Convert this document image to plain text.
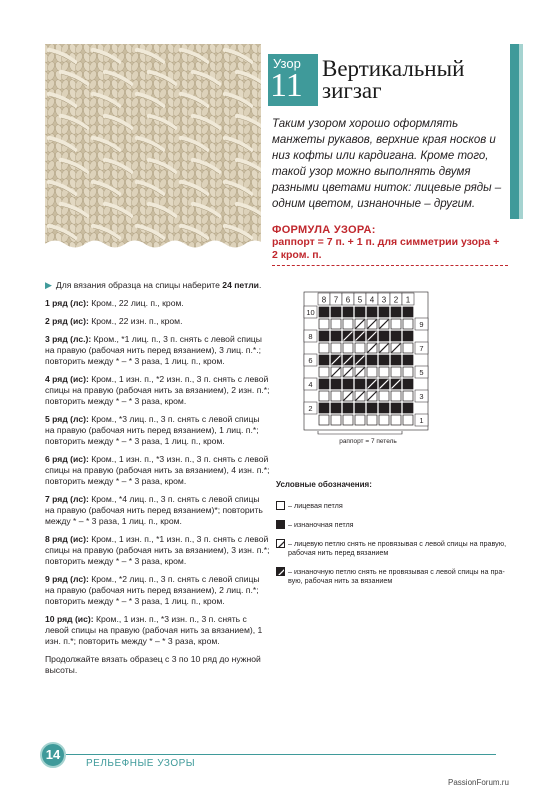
Узор
11 Вертикальный
зигзаг

Таким узором хорошо оформлять манжеты рукавов, верхние края носков и низ кофты или кардигана. Кроме того, такой узор можно выполнять двумя разными цветами ниток: лицевые ряды – одним цветом, изнаночные – другим.

ФОРМУЛА УЗОРА:
раппорт = 7 п. + 1 п. для симметрии узора + 2 кром. п.
▶ Для вязания образца на спицы наберите 24 петли.
1 ряд (лс): Кром., 22 лиц. п., кром.
2 ряд (ис): Кром., 22 изн. п., кром.
3 ряд (лс.): Кром., *1 лиц. п., 3 п. снять с левой спицы на правую (рабочая нить перед вязанием), 3 лиц. п.*.; повторить между * – * 3 раза, 1 лиц. п., кром.
4 ряд (ис): Кром., 1 изн. п., *2 изн. п., 3 п. снять с левой спицы на правую (рабочая нить за вязанием), 2 изн. п.*; повторить между * – * 3 раза, кром.
5 ряд (лс): Кром., *3 лиц. п., 3 п. снять с левой спицы на правую (рабочая нить перед вязанием), 1 лиц. п.*; повторить между * – * 3 раза, 1 лиц. п., кром.
6 ряд (ис): Кром., 1 изн. п., *3 изн. п., 3 п. снять с левой спицы на правую (рабочая нить за вязанием), 4 изн. п.*; повторить между * – * 3 раза, кром.
7 ряд (лс): Кром., *4 лиц. п., 3 п. снять с левой спицы на правую (рабочая нить перед вязанием)*; повторить между * – * 3 раза, 1 лиц. п., кром.
8 ряд (ис): Кром., 1 изн. п., *1 изн. п., 3 п. снять с левой спицы на правую (рабочая нить за вязанием), 3 изн. п.*; повторить между * – * 3 раза, кром.
9 ряд (лс): Кром., *2 лиц. п., 3 п. снять с левой спицы на правую (рабочая нить перед вязанием), 2 лиц. п.*; повторить между * – * 3 раза, 1 лиц. п., кром.
10 ряд (ис): Кром., 1 изн. п., *3 изн. п., 3 п. снять с левой спицы на правую (рабочая нить за вязанием), 1 изн. п.*; повторить между * – * 3 раза, кром.
Продолжайте вязать образец с 3 по 10 ряд до нужной высоты.
8 7 6 5 4 3 2 1
10
8
6
4
2
9
7
5
3
1
раппорт = 7 петель
Условные обозначения:
– лицевая петля
– изнаночная петля
– лицевую петлю снять не провязывая с левой спицы на правую, рабочая нить перед вязанием
– изнаночную петлю снять не провязывая с левой спицы на пра- вую, рабочая нить за вязанием
14
РЕЛЬЕФНЫЕ УЗОРЫ
PassionForum.ru
